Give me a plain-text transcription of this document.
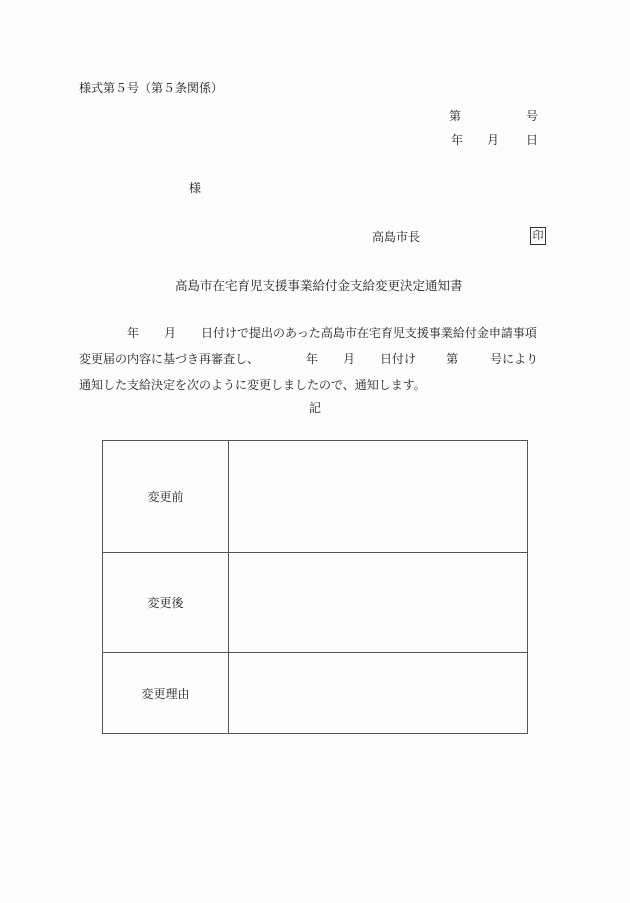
様式第５号（第５条関係）
第	号
年 月 日
様
高島市長	印
高島市在宅育児支援事業給付金支給変更決定通知書
年 月 日付けで提出のあった高島市在宅育児支援事業給付金申請事項
変更届の内容に基づき再審査し、	年 月 日付け	第	号により
通知した支給決定を次のように変更しましたので、通知します。
記
変更前	
変更後	
変更理由	
